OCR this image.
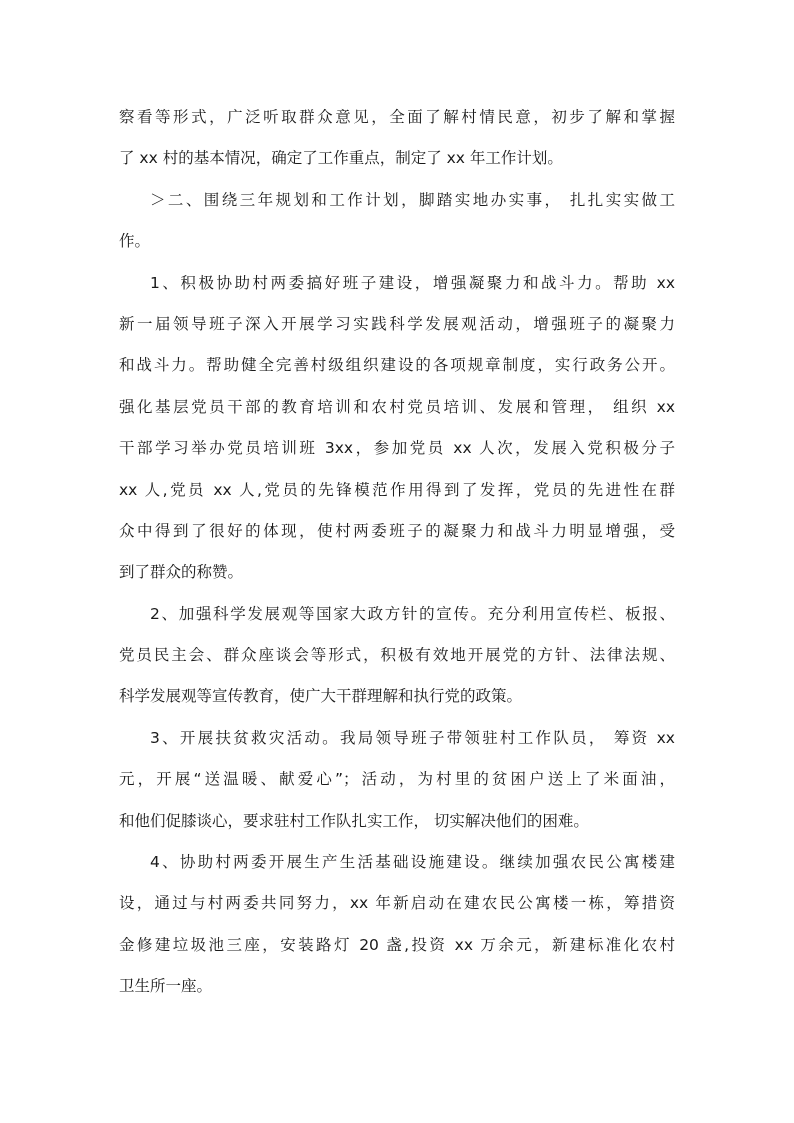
察看等形式，广泛听取群众意见，全面了解村情民意，初步了解和掌握
了 xx 村的基本情况，确定了工作重点，制定了 xx 年工作计划。
＞二、围绕三年规划和工作计划，脚踏实地办实事， 扎扎实实做工
作。
1、积极协助村两委搞好班子建设，增强凝聚力和战斗力。帮助 xx
新一届领导班子深入开展学习实践科学发展观活动，增强班子的凝聚力
和战斗力。帮助健全完善村级组织建设的各项规章制度，实行政务公开。
强化基层党员干部的教育培训和农村党员培训、发展和管理， 组织 xx
干部学习举办党员培训班 3xx，参加党员 xx 人次，发展入党积极分子
xx 人,党员 xx 人,党员的先锋模范作用得到了发挥，党员的先进性在群
众中得到了很好的体现，使村两委班子的凝聚力和战斗力明显增强，受
到了群众的称赞。
2、加强科学发展观等国家大政方针的宣传。充分利用宣传栏、板报、
党员民主会、群众座谈会等形式，积极有效地开展党的方针、法律法规、
科学发展观等宣传教育，使广大干群理解和执行党的政策。
3、开展扶贫救灾活动。我局领导班子带领驻村工作队员， 筹资 xx
元，开展“送温暖、献爱心”；活动，为村里的贫困户送上了米面油，
和他们促膝谈心，要求驻村工作队扎实工作， 切实解决他们的困难。
4、协助村两委开展生产生活基础设施建设。继续加强农民公寓楼建
设，通过与村两委共同努力，xx 年新启动在建农民公寓楼一栋，筹措资
金修建垃圾池三座，安装路灯 20 盏,投资 xx 万余元，新建标准化农村
卫生所一座。
